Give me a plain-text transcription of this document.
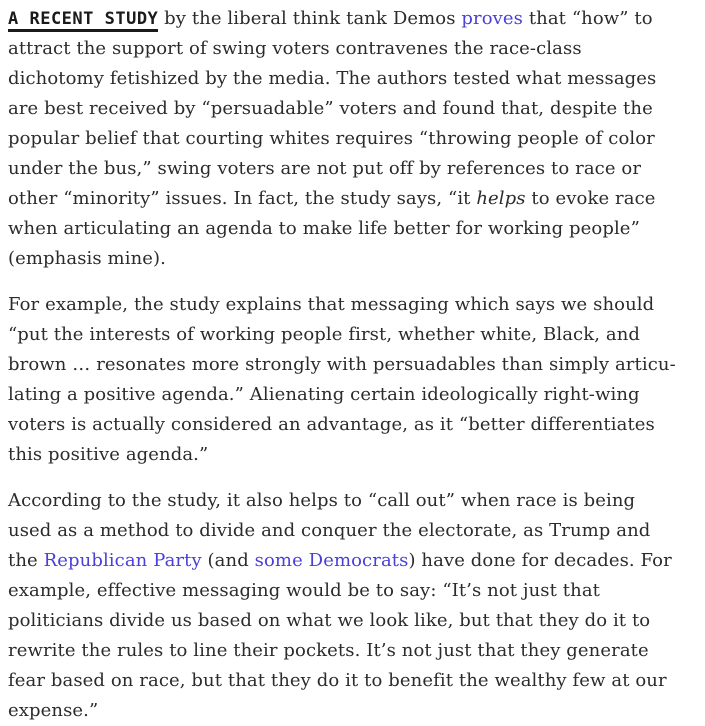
A RECENT STUDY by the liberal think tank Demos proves that “how” to attract the support of swing voters contravenes the race-class dichotomy fetishized by the media. The authors tested what messages are best received by “persuadable” voters and found that, despite the popular belief that courting whites requires “throwing people of color under the bus,” swing voters are not put off by references to race or other “minority” issues. In fact, the study says, “it helps to evoke race when articulating an agenda to make life better for working people” (emphasis mine).

For example, the study explains that messaging which says we should “put the interests of working people first, whether white, Black, and brown … resonates more strongly with persuadables than simply articulating a positive agenda.” Alienating certain ideologically right-wing voters is actually considered an advantage, as it “better differentiates this positive agenda.”

According to the study, it also helps to “call out” when race is being used as a method to divide and conquer the electorate, as Trump and the Republican Party (and some Democrats) have done for decades. For example, effective messaging would be to say: “It’s not just that politicians divide us based on what we look like, but that they do it to rewrite the rules to line their pockets. It’s not just that they generate fear based on race, but that they do it to benefit the wealthy few at our expense.”
